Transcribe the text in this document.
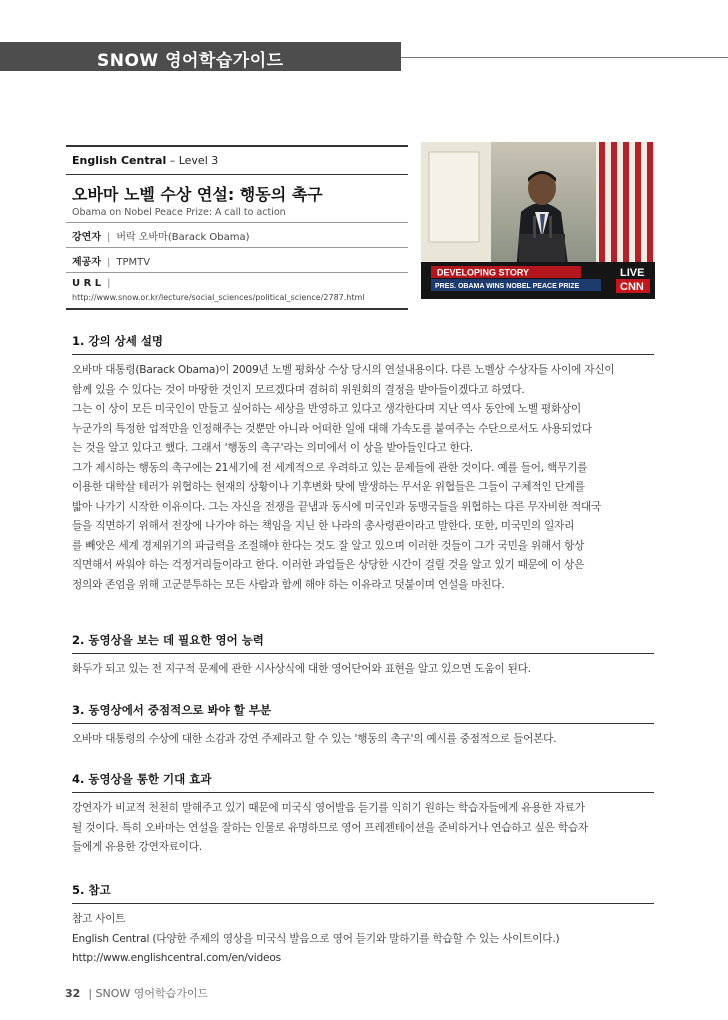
SNOW 영어학습가이드
English Central – Level 3
오바마 노벨 수상 연설: 행동의 촉구
Obama on Nobel Peace Prize: A call to action
강연자 | 버락 오바마(Barack Obama)
제공자 | TPMTV
U R L |
http://www.snow.or.kr/lecture/social_sciences/political_science/2787.html
DEVELOPING STORY
PRES. OBAMA WINS NOBEL PEACE PRIZE
LIVE
CNN
1. 강의 상세 설명
오바마 대통령(Barack Obama)이 2009년 노벨 평화상 수상 당시의 연설내용이다. 다른 노벨상 수상자들 사이에 자신이
함께 있을 수 있다는 것이 마땅한 것인지 모르겠다며 겸허히 위원회의 결정을 받아들이겠다고 하였다.
그는 이 상이 모든 미국인이 만들고 싶어하는 세상을 반영하고 있다고 생각한다며 지난 역사 동안에 노벨 평화상이
누군가의 특정한 업적만을 인정해주는 것뿐만 아니라 어떠한 일에 대해 가속도를 붙여주는 수단으로서도 사용되었다
는 것을 알고 있다고 했다. 그래서 '행동의 촉구'라는 의미에서 이 상을 받아들인다고 한다.
그가 제시하는 행동의 촉구에는 21세기에 전 세계적으로 우려하고 있는 문제들에 관한 것이다. 예를 들어, 핵무기를
이용한 대학살 테러가 위협하는 현재의 상황이나 기후변화 탓에 발생하는 무서운 위협들은 그들이 구체적인 단계를
밟아 나가기 시작한 이유이다. 그는 자신을 전쟁을 끝냄과 동시에 미국인과 동맹국들을 위협하는 다른 무자비한 적대국
들을 직면하기 위해서 전장에 나가야 하는 책임을 지닌 한 나라의 총사령관이라고 말한다. 또한, 미국민의 일자리
를 빼앗은 세계 경제위기의 파급력을 조절해야 한다는 것도 잘 알고 있으며 이러한 것들이 그가 국민을 위해서 항상
직면해서 싸워야 하는 걱정거리들이라고 한다. 이러한 과업들은 상당한 시간이 걸릴 것을 알고 있기 때문에 이 상은
정의와 존엄을 위해 고군분투하는 모든 사람과 함께 해야 하는 이유라고 덧붙이며 연설을 마친다.
2. 동영상을 보는 데 필요한 영어 능력
화두가 되고 있는 전 지구적 문제에 관한 시사상식에 대한 영어단어와 표현을 알고 있으면 도움이 된다.
3. 동영상에서 중점적으로 봐야 할 부분
오바마 대통령의 수상에 대한 소감과 강연 주제라고 할 수 있는 '행동의 촉구'의 예시를 중점적으로 들어본다.
4. 동영상을 통한 기대 효과
강연자가 비교적 천천히 말해주고 있기 때문에 미국식 영어발음 듣기를 익히기 원하는 학습자들에게 유용한 자료가
될 것이다. 특히 오바마는 연설을 잘하는 인물로 유명하므로 영어 프레젠테이션을 준비하거나 연습하고 싶은 학습자
들에게 유용한 강연자료이다.
5. 참고
참고 사이트
English Central (다양한 주제의 영상을 미국식 발음으로 영어 듣기와 말하기를 학습할 수 있는 사이트이다.)
http://www.englishcentral.com/en/videos
32 | SNOW 영어학습가이드
